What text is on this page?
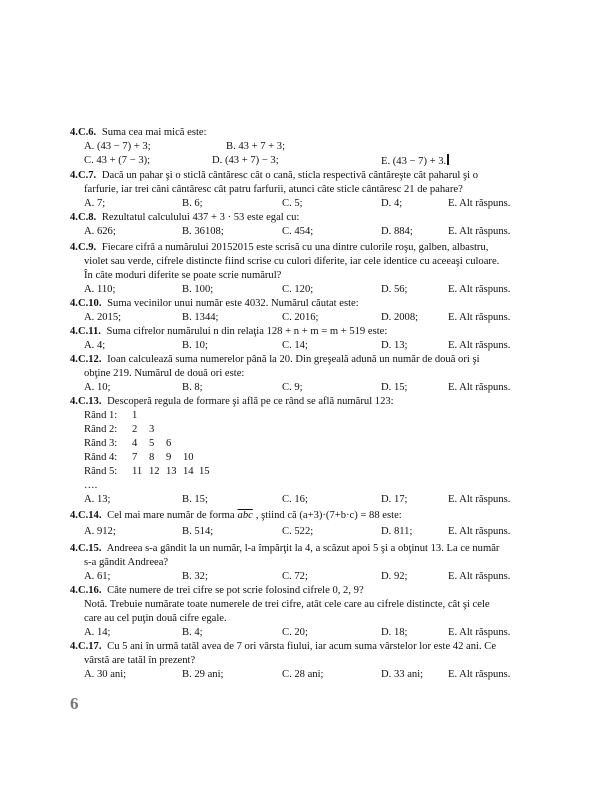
4.C.6. Suma cea mai mică este:
A. (43 − 7) + 3;	B. 43 + 7 + 3;
C. 43 + (7 − 3);	D. (43 + 7) − 3;	E. (43 − 7) + 3.
4.C.7. Dacă un pahar şi o sticlă cântăresc cât o cană, sticla respectivă cântăreşte cât paharul şi o
farfurie, iar trei căni cântăresc cât patru farfurii, atunci câte sticle cântăresc 21 de pahare?
A. 7;	B. 6;	C. 5;	D. 4;	E. Alt răspuns.
4.C.8. Rezultatul calculului 437 + 3 · 53 este egal cu:
A. 626;	B. 36108;	C. 454;	D. 884;	E. Alt răspuns.
4.C.9. Fiecare cifră a numărului 20152015 este scrisă cu una dintre culorile roşu, galben, albastru,
violet sau verde, cifrele distincte fiind scrise cu culori diferite, iar cele identice cu aceeaşi culoare.
În câte moduri diferite se poate scrie numărul?
A. 110;	B. 100;	C. 120;	D. 56;	E. Alt răspuns.
4.C.10. Suma vecinilor unui număr este 4032. Numărul căutat este:
A. 2015;	B. 1344;	C. 2016;	D. 2008;	E. Alt răspuns.
4.C.11. Suma cifrelor numărului n din relaţia 128 + n + m = m + 519 este:
A. 4;	B. 10;	C. 14;	D. 13;	E. Alt răspuns.
4.C.12. Ioan calculează suma numerelor până la 20. Din greşeală adună un număr de două ori şi
obţine 219. Numărul de două ori este:
A. 10;	B. 8;	C. 9;	D. 15;	E. Alt răspuns.
4.C.13. Descoperă regula de formare şi află pe ce rând se află numărul 123:
Rând 1: 1
Rând 2: 2 3
Rând 3: 4 5 6
Rând 4: 7 8 9 10
Rând 5: 11 12 13 14 15
….
A. 13;	B. 15;	C. 16;	D. 17;	E. Alt răspuns.
4.C.14. Cel mai mare număr de forma $\overline{abc}$ , ştiind că (a+3)·(7+b·c) = 88 este:
A. 912;	B. 514;	C. 522;	D. 811;	E. Alt răspuns.
4.C.15. Andreea s-a gândit la un număr, l-a împărţit la 4, a scăzut apoi 5 şi a obţinut 13. La ce număr
s-a gândit Andreea?
A. 61;	B. 32;	C. 72;	D. 92;	E. Alt răspuns.
4.C.16. Câte numere de trei cifre se pot scrie folosind cifrele 0, 2, 9?
Notă. Trebuie numărate toate numerele de trei cifre, atât cele care au cifrele distincte, cât şi cele
care au cel puţin două cifre egale.
A. 14;	B. 4;	C. 20;	D. 18;	E. Alt răspuns.
4.C.17. Cu 5 ani în urmă tatăl avea de 7 ori vârsta fiului, iar acum suma vârstelor lor este 42 ani. Ce
vârstă are tatăl în prezent?
A. 30 ani;	B. 29 ani;	C. 28 ani;	D. 33 ani; E. Alt răspuns.
6
